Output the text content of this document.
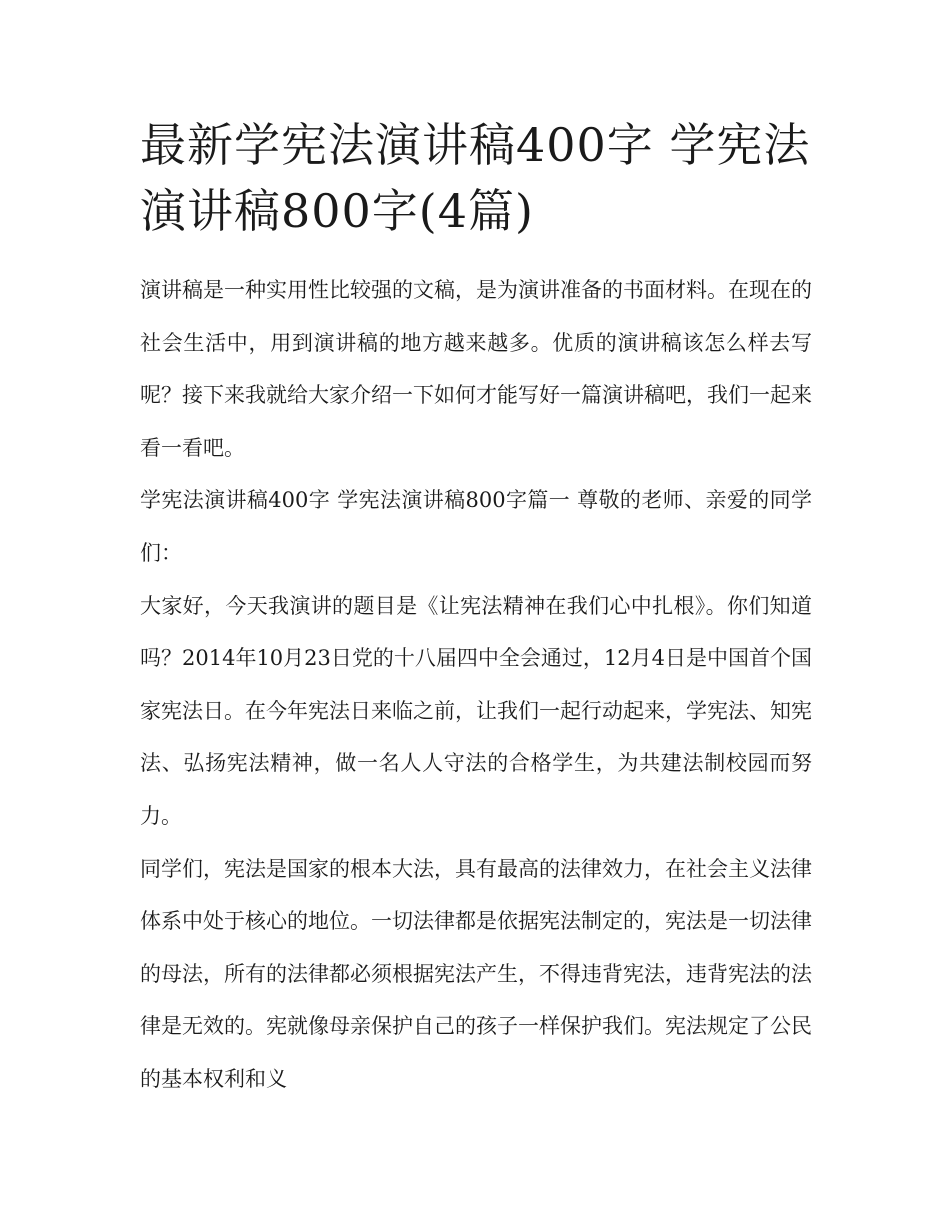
最新学宪法演讲稿400字 学宪法演讲稿800字(4篇)

演讲稿是一种实用性比较强的文稿，是为演讲准备的书面材料。在现在的社会生活中，用到演讲稿的地方越来越多。优质的演讲稿该怎么样去写呢？接下来我就给大家介绍一下如何才能写好一篇演讲稿吧，我们一起来看一看吧。

学宪法演讲稿400字 学宪法演讲稿800字篇一 尊敬的老师、亲爱的同学们：

大家好，今天我演讲的题目是《让宪法精神在我们心中扎根》。你们知道吗？2014年10月23日党的十八届四中全会通过，12月4日是中国首个国家宪法日。在今年宪法日来临之前，让我们一起行动起来，学宪法、知宪法、弘扬宪法精神，做一名人人守法的合格学生，为共建法制校园而努力。

同学们，宪法是国家的根本大法，具有最高的法律效力，在社会主义法律体系中处于核心的地位。一切法律都是依据宪法制定的，宪法是一切法律的母法，所有的法律都必须根据宪法产生，不得违背宪法，违背宪法的法律是无效的。宪就像母亲保护自己的孩子一样保护我们。宪法规定了公民的基本权利和义
